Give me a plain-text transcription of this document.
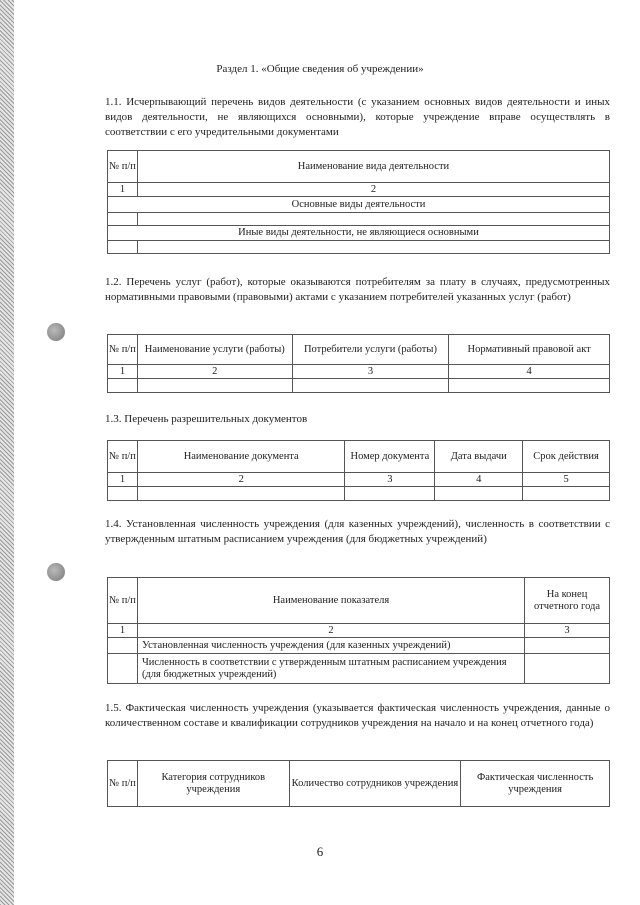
Раздел 1. «Общие сведения об учреждении»
1.1. Исчерпывающий перечень видов деятельности (с указанием основных видов деятельности и иных видов деятельности, не являющихся основными), которые учреждение вправе осуществлять в соответствии с его учредительными документами
№ п/п	Наименование вида деятельности
1	2
Основные виды деятельности	

Иные виды деятельности, не являющиеся основными	

1.2. Перечень услуг (работ), которые оказываются потребителям за плату в случаях, предусмотренных нормативными правовыми (правовыми) актами с указанием потребителей указанных услуг (работ)
№ п/п	Наименование услуги (работы)	Потребители услуги (работы)	Нормативный правовой акт
1	2	3	4

1.3. Перечень разрешительных документов
№ п/п	Наименование документа	Номер документа	Дата выдачи	Срок действия
1	2	3	4	5

1.4. Установленная численность учреждения (для казенных учреждений), численность в соответствии с утвержденным штатным расписанием учреждения (для бюджетных учреждений)
№ п/п	Наименование показателя	На конец отчетного года
1	2	3
	Установленная численность учреждения (для казенных учреждений)	
	Численность в соответствии с утвержденным штатным расписанием учреждения (для бюджетных учреждений)	
1.5. Фактическая численность учреждения (указывается фактическая численность учреждения, данные о количественном составе и квалификации сотрудников учреждения на начало и на конец отчетного года)
№ п/п	Категория сотрудников учреждения	Количество сотрудников учреждения	Фактическая численность учреждения
6
